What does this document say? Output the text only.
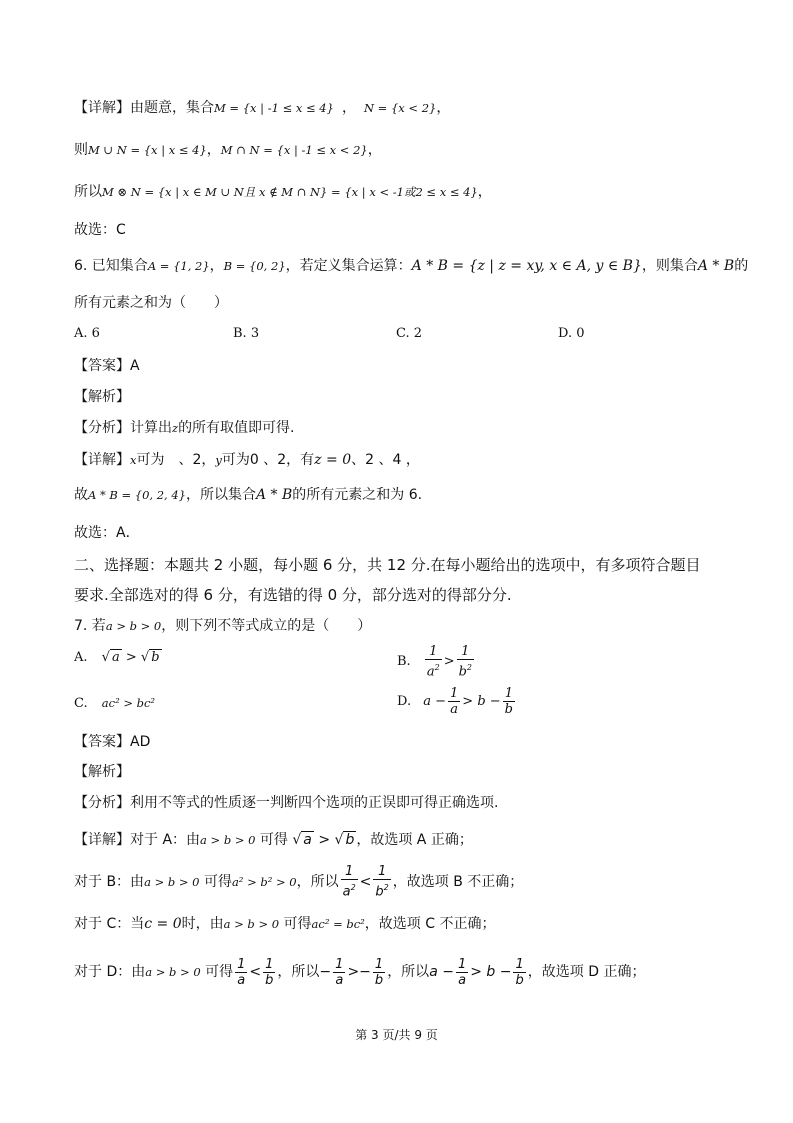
【详解】由题意，集合M = {x | -1 ≤ x ≤ 4} ， N = {x < 2}，
则M ∪ N = {x | x ≤ 4}，M ∩ N = {x | -1 ≤ x < 2}，
所以M ⊗ N = {x | x ∈ M ∪ N且 x ∉ M ∩ N} = {x | x < -1或2 ≤ x ≤ 4}，
故选：C
6. 已知集合A = {1, 2}，B = {0, 2}，若定义集合运算：A * B = {z | z = xy, x ∈ A, y ∈ B}，则集合A * B的
所有元素之和为（　　）
A. 6	B. 3	C. 2	D. 0
【答案】A
【解析】
【分析】计算出z的所有取值即可得.
【详解】x可为　、2，y可为0 、2，有z = 0、2 、4 ，
故A * B = {0, 2, 4}，所以集合A * B的所有元素之和为 6.
故选：A．
二、选择题：本题共 2 小题，每小题 6 分，共 12 分.在每小题给出的选项中，有多项符合题目
要求.全部选对的得 6 分，有选错的得 0 分，部分选对的得部分分.
7. 若a > b > 0，则下列不等式成立的是（　　）
A. √ a > √ b	B. $\frac{1}{a^2} > \frac{1}{b^2}$
C. ac² > bc²	D. $a - \frac{1}{a} > b - \frac{1}{b}$
【答案】AD
【解析】
【分析】利用不等式的性质逐一判断四个选项的正误即可得正确选项.
【详解】对于 A：由a > b > 0 可得 √ a > √ b ，故选项 A 正确；
对于 B：由a > b > 0 可得a² > b² > 0，所以 $\frac{1}{a^2} < \frac{1}{b^2}$ ，故选项 B 不正确；
对于 C：当c = 0时，由a > b > 0 可得ac² = bc²，故选项 C 不正确；
对于 D：由a > b > 0 可得 $\frac{1}{a} < \frac{1}{b}$ ，所以− $\frac{1}{a} >- \frac{1}{b}$ ，所以$a - \frac{1}{a} > b - \frac{1}{b}$ ，故选项 D 正确；
第 3 页/共 9 页
